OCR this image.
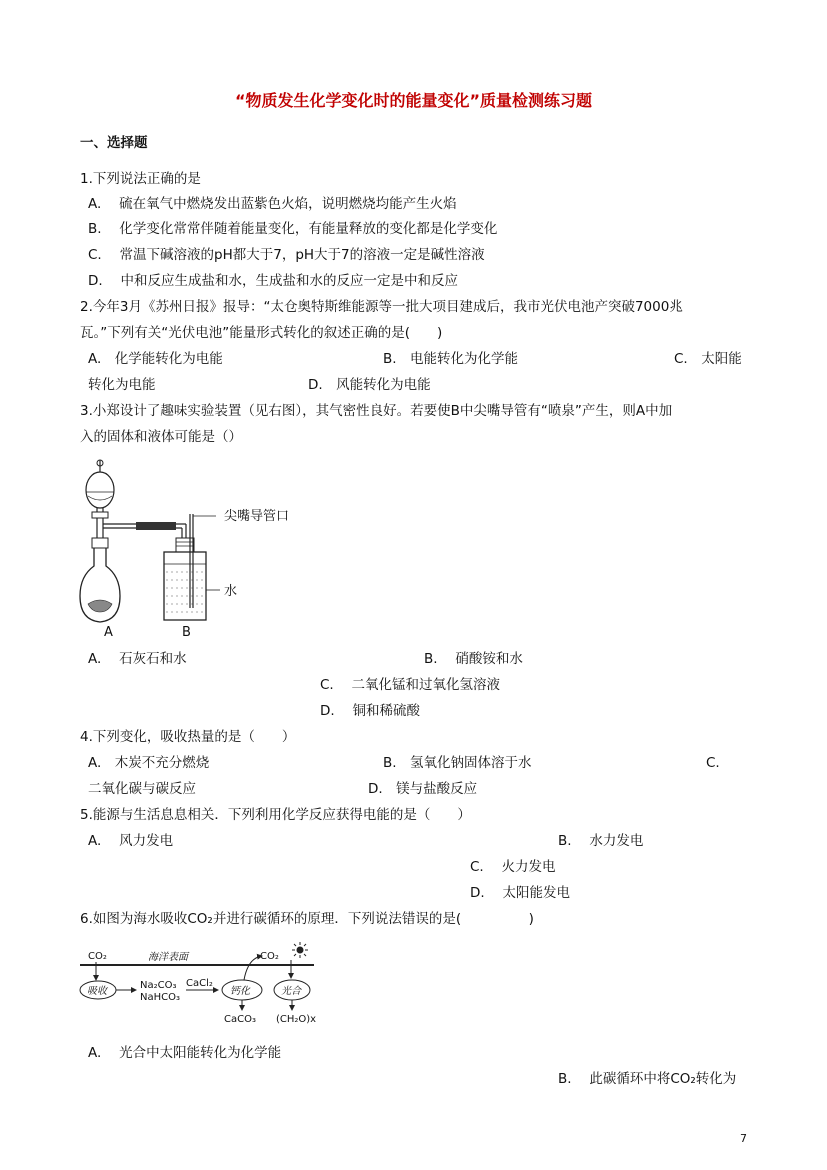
“物质发生化学变化时的能量变化”质量检测练习题
一、选择题
1.下列说法正确的是
A.　 硫在氧气中燃烧发出蓝紫色火焰，说明燃烧均能产生火焰
B.　 化学变化常常伴随着能量变化，有能量释放的变化都是化学变化
C.　 常温下碱溶液的pH都大于7，pH大于7的溶液一定是碱性溶液
D.　 中和反应生成盐和水，生成盐和水的反应一定是中和反应
2.今年3月《苏州日报》报导：“太仓奥特斯维能源等一批大项目建成后，我市光伏电池产突破7000兆
瓦。”下列有关“光伏电池”能量形式转化的叙述正确的是(　　)
A.　化学能转化为电能	B.　电能转化为化学能	C.　太阳能
转化为电能	D.　风能转化为电能
3.小郑设计了趣味实验装置（见右图），其气密性良好。若要使B中尖嘴导管有“喷泉”产生，则A中加
入的固体和液体可能是（）
尖嘴导管口
水
A	B
A.　 石灰石和水	B.　 硝酸铵和水
C.　 二氧化锰和过氧化氢溶液
D.　 铜和稀硫酸
4.下列变化，吸收热量的是（　　）
A.　木炭不充分燃烧	B.　氢氧化钠固体溶于水	C.
二氧化碳与碳反应	D.　镁与盐酸反应
5.能源与生活息息相关．下列利用化学反应获得电能的是（　　）
A.　 风力发电	B.　 水力发电
C.　 火力发电
D.　 太阳能发电
6.如图为海水吸收CO₂并进行碳循环的原理．下列说法错误的是(　　　　　)
CO₂	海洋表面	CO₂
吸收
Na₂CO₃
NaHCO₃
CaCl₂
钙化
CaCO₃
光合
(CH₂O)x
A.　 光合中太阳能转化为化学能
B.　 此碳循环中将CO₂转化为
7
